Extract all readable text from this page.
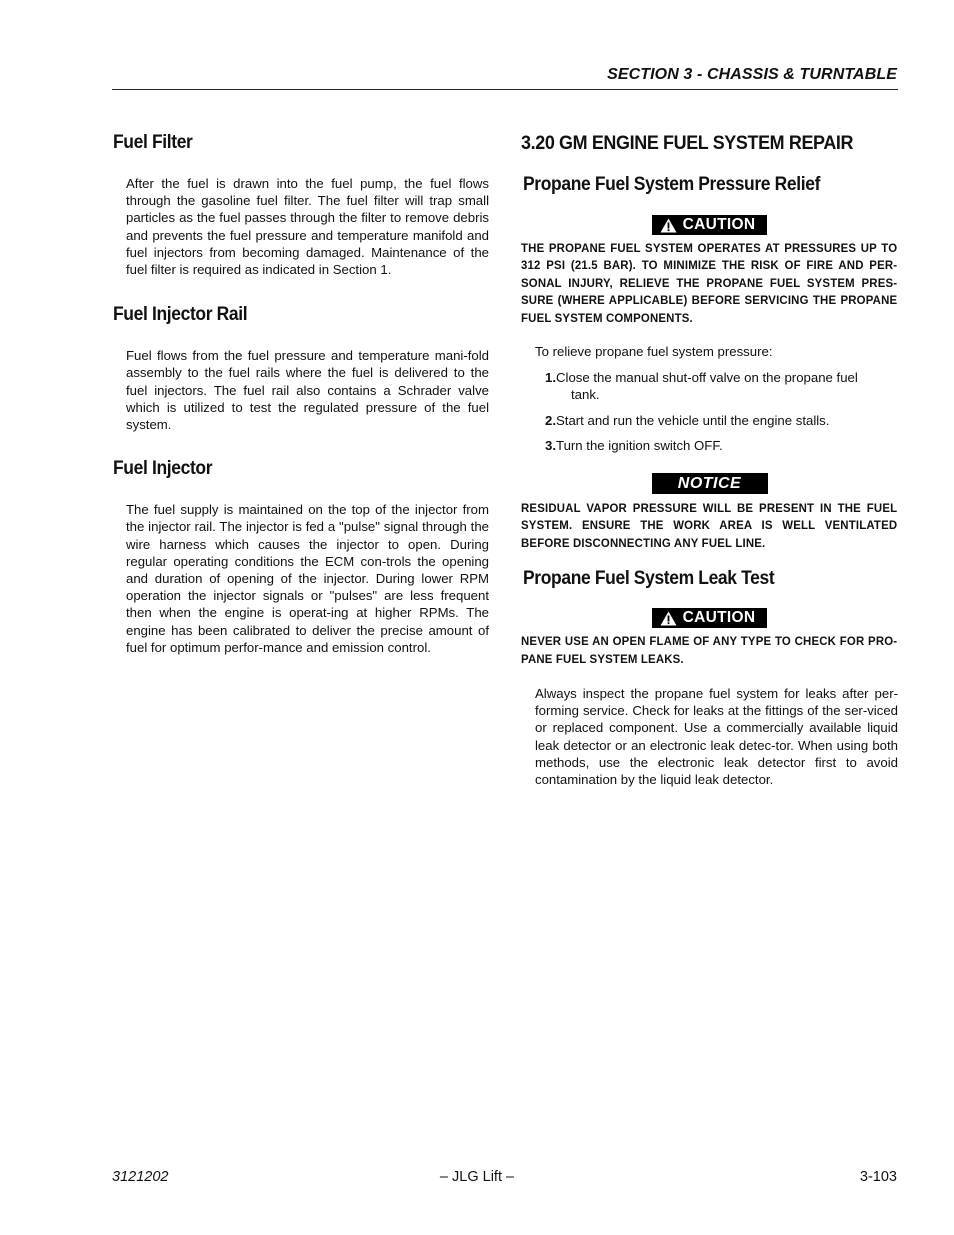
SECTION 3 - CHASSIS & TURNTABLE
Fuel Filter

After the fuel is drawn into the fuel pump, the fuel flows through the gasoline fuel filter. The fuel filter will trap small particles as the fuel passes through the filter to remove debris and prevents the fuel pressure and temperature manifold and fuel injectors from becoming damaged. Maintenance of the fuel filter is required as indicated in Section 1.

Fuel Injector Rail

Fuel flows from the fuel pressure and temperature mani-fold assembly to the fuel rails where the fuel is delivered to the fuel injectors. The fuel rail also contains a Schrader valve which is utilized to test the regulated pressure of the fuel system.

Fuel Injector

The fuel supply is maintained on the top of the injector from the injector rail. The injector is fed a "pulse" signal through the wire harness which causes the injector to open. During regular operating conditions the ECM con-trols the opening and duration of opening of the injector. During lower RPM operation the injector signals or "pulses" are less frequent then when the engine is operat-ing at higher RPMs. The engine has been calibrated to deliver the precise amount of fuel for optimum perfor-mance and emission control.

3.20 GM ENGINE FUEL SYSTEM REPAIR
Propane Fuel System Pressure Relief
CAUTION

THE PROPANE FUEL SYSTEM OPERATES AT PRESSURES UP TO 312 PSI (21.5 BAR). TO MINIMIZE THE RISK OF FIRE AND PER-SONAL INJURY, RELIEVE THE PROPANE FUEL SYSTEM PRES-SURE (WHERE APPLICABLE) BEFORE SERVICING THE PROPANE FUEL SYSTEM COMPONENTS.

To relieve propane fuel system pressure:

1.Close the manual shut-off valve on the propane fuel

tank.

2.Start and run the vehicle until the engine stalls.

3.Turn the ignition switch OFF.

NOTICE

RESIDUAL VAPOR PRESSURE WILL BE PRESENT IN THE FUEL SYSTEM. ENSURE THE WORK AREA IS WELL VENTILATED BEFORE DISCONNECTING ANY FUEL LINE.

Propane Fuel System Leak Test
CAUTION

NEVER USE AN OPEN FLAME OF ANY TYPE TO CHECK FOR PRO-PANE FUEL SYSTEM LEAKS.

Always inspect the propane fuel system for leaks after per-forming service. Check for leaks at the fittings of the ser-viced or replaced component. Use a commercially available liquid leak detector or an electronic leak detec-tor. When using both methods, use the electronic leak detector first to avoid contamination by the liquid leak detector.

3121202	– JLG Lift –	3-103
